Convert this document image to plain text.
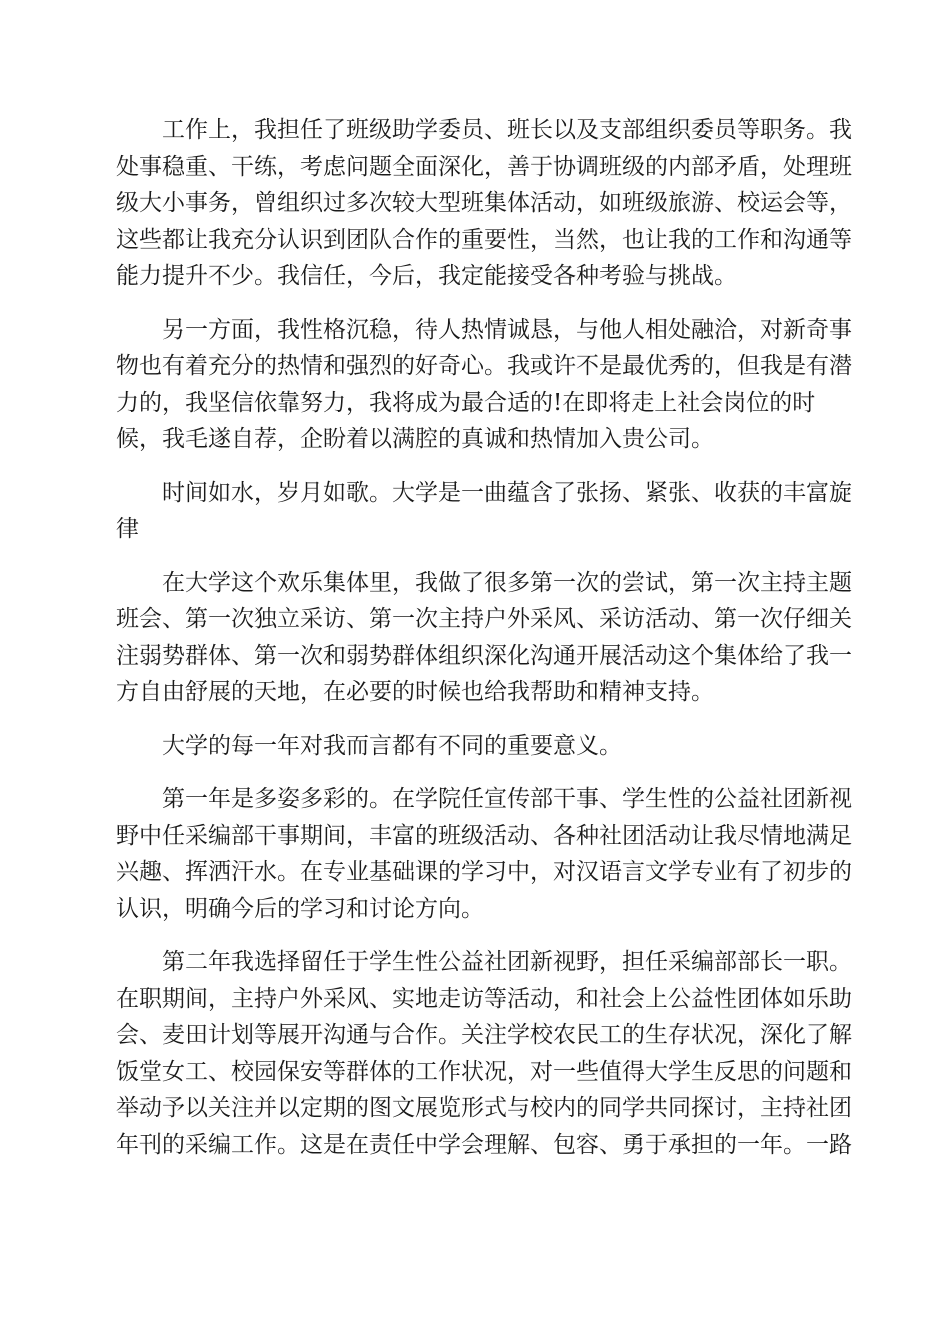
工作上，我担任了班级助学委员、班长以及支部组织委员等职务。我
处事稳重、干练，考虑问题全面深化，善于协调班级的内部矛盾，处理班
级大小事务，曾组织过多次较大型班集体活动，如班级旅游、校运会等，
这些都让我充分认识到团队合作的重要性，当然，也让我的工作和沟通等
能力提升不少。我信任，今后，我定能接受各种考验与挑战。

另一方面，我性格沉稳，待人热情诚恳，与他人相处融洽，对新奇事
物也有着充分的热情和强烈的好奇心。我或许不是最优秀的，但我是有潜
力的，我坚信依靠努力，我将成为最合适的!在即将走上社会岗位的时
候，我毛遂自荐，企盼着以满腔的真诚和热情加入贵公司。

时间如水，岁月如歌。大学是一曲蕴含了张扬、紧张、收获的丰富旋
律

在大学这个欢乐集体里，我做了很多第一次的尝试，第一次主持主题
班会、第一次独立采访、第一次主持户外采风、采访活动、第一次仔细关
注弱势群体、第一次和弱势群体组织深化沟通开展活动这个集体给了我一
方自由舒展的天地，在必要的时候也给我帮助和精神支持。

大学的每一年对我而言都有不同的重要意义。

第一年是多姿多彩的。在学院任宣传部干事、学生性的公益社团新视
野中任采编部干事期间，丰富的班级活动、各种社团活动让我尽情地满足
兴趣、挥洒汗水。在专业基础课的学习中，对汉语言文学专业有了初步的
认识，明确今后的学习和讨论方向。

第二年我选择留任于学生性公益社团新视野，担任采编部部长一职。
在职期间，主持户外采风、实地走访等活动，和社会上公益性团体如乐助
会、麦田计划等展开沟通与合作。关注学校农民工的生存状况，深化了解
饭堂女工、校园保安等群体的工作状况，对一些值得大学生反思的问题和
举动予以关注并以定期的图文展览形式与校内的同学共同探讨，主持社团
年刊的采编工作。这是在责任中学会理解、包容、勇于承担的一年。一路
